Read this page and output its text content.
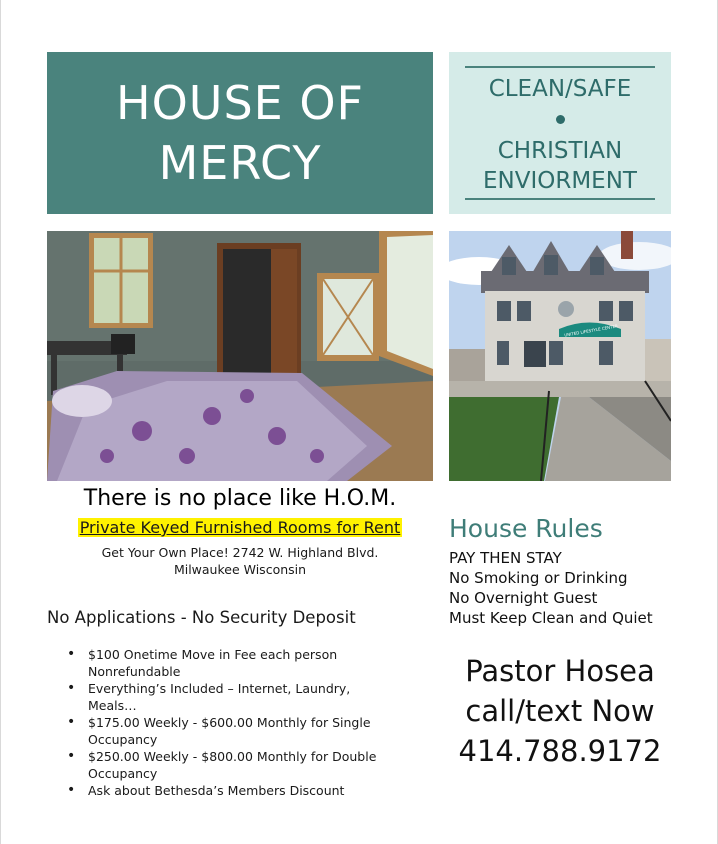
HOUSE OF
MERCY
CLEAN/SAFE
CHRISTIAN
ENVIORMENT
UNITED LIFESTYLE CENTER
There is no place like H.O.M.
Private Keyed Furnished Rooms for Rent
Get Your Own Place! 2742 W. Highland Blvd.
Milwaukee Wisconsin
No Applications - No Security Deposit
• $100 Onetime Move in Fee each person Nonrefundable
• Everything’s Included – Internet, Laundry, Meals…
• $175.00 Weekly - $600.00 Monthly for Single Occupancy
• $250.00 Weekly - $800.00 Monthly for Double Occupancy
• Ask about Bethesda’s Members Discount
House Rules
PAY THEN STAY
No Smoking or Drinking
No Overnight Guest
Must Keep Clean and Quiet
Pastor Hosea
call/text Now
414.788.9172
